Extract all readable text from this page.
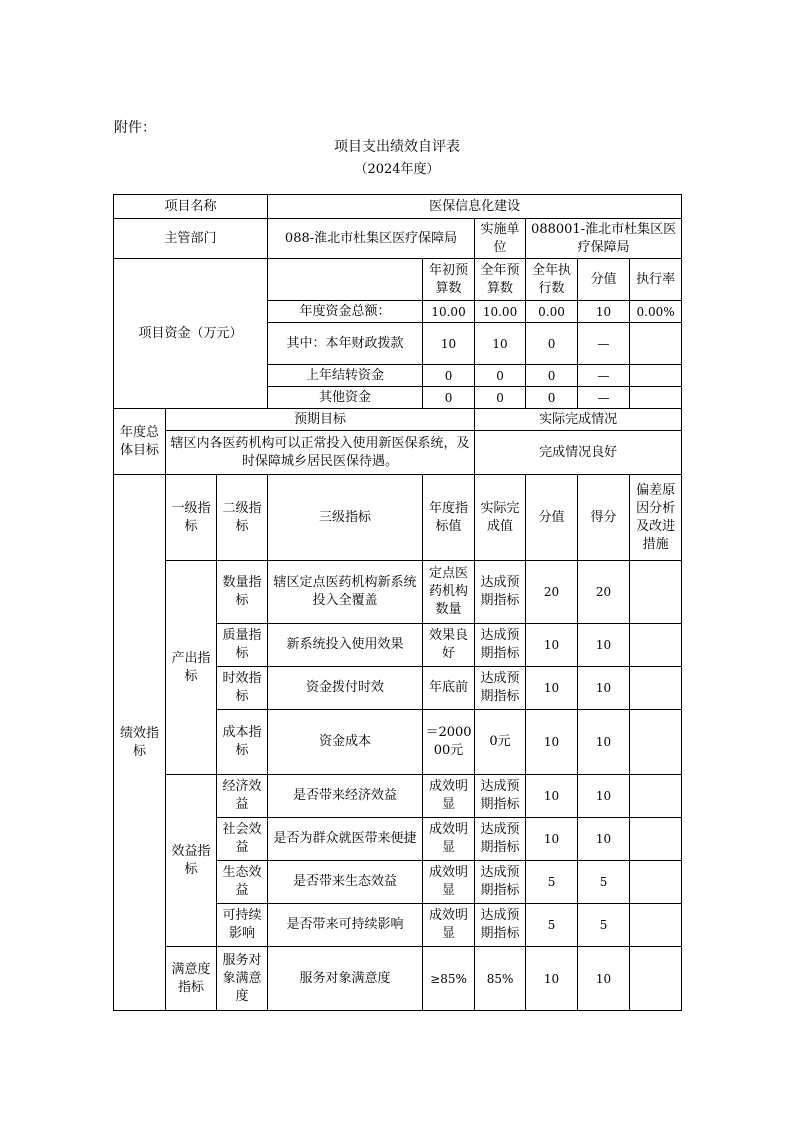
附件：
项目支出绩效自评表
（2024年度）
项目名称			医保信息化建设					
主管部门			088-淮北市杜集区医疗保障局		实施单位	088001-淮北市杜集区医疗保障局		
项目资金（万元）				年初预算数	全年预算数	全年执行数	分值	执行率
			年度资金总额：	10.00	10.00	0.00	10	0.00%
			其中：本年财政拨款	10	10	0	—	
			上年结转资金	0	0	0	—	
			其他资金	0	0	0	—	
年度总体目标	预期目标				实际完成情况			
	辖区内各医药机构可以正常投入使用新医保系统，及时保障城乡居民医保待遇。				完成情况良好			
绩效指标	一级指标	二级指标	三级指标	年度指标值	实际完成值	分值	得分	偏差原因分析及改进措施
	产出指标	数量指标	辖区定点医药机构新系统投入全覆盖	定点医药机构数量	达成预期指标	20	20	
		质量指标	新系统投入使用效果	效果良好	达成预期指标	10	10	
		时效指标	资金拨付时效	年底前	达成预期指标	10	10	
		成本指标	资金成本	＝200000元	0元	10	10	
	效益指标	经济效益	是否带来经济效益	成效明显	达成预期指标	10	10	
		社会效益	是否为群众就医带来便捷	成效明显	达成预期指标	10	10	
		生态效益	是否带来生态效益	成效明显	达成预期指标	5	5	
		可持续影响	是否带来可持续影响	成效明显	达成预期指标	5	5	
	满意度指标	服务对象满意度	服务对象满意度	≥85%	85%	10	10	
